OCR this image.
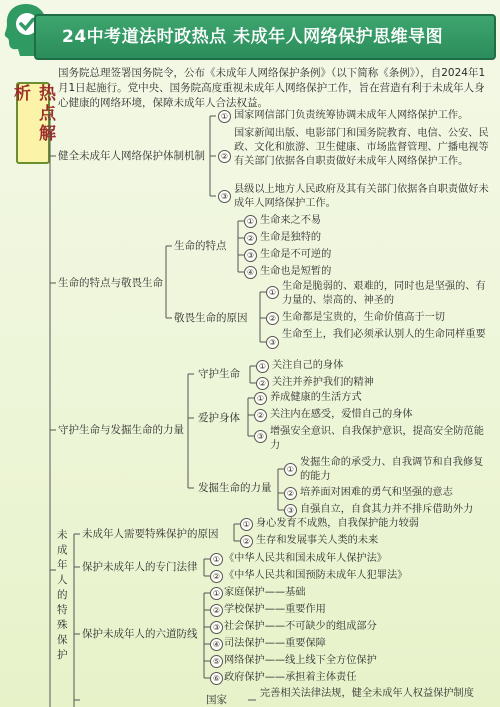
24中考道法时政热点 未成年人网络保护思维导图
热点解析
国务院总理签署国务院令，公布《未成年人网络保护条例》（以下简称《条例》），自2024年1月1日起施行。党中央、国务院高度重视未成年人网络保护工作，旨在营造有利于未成年人身心健康的网络环境，保障未成年人合法权益。
健全未成年人网络保护体制机制
① 国家网信部门负责统筹协调未成年人网络保护工作。
②
国家新闻出版、电影部门和国务院教育、电信、公安、民政、文化和旅游、卫生健康、市场监督管理、广播电视等有关部门依据各自职责做好未成年人网络保护工作。
③
县级以上地方人民政府及其有关部门依据各自职责做好未成年人网络保护工作。
生命的特点与敬畏生命
生命的特点
① 生命来之不易
② 生命是独特的
③ 生命是不可逆的
④ 生命也是短暂的
敬畏生命的原因
①
生命是脆弱的、艰难的，同时也是坚强的、有力量的、崇高的、神圣的
② 生命都是宝贵的，生命价值高于一切
③
生命至上，我们必须承认别人的生命同样重要
守护生命与发掘生命的力量
守护生命
① 关注自己的身体
② 关注并养护我们的精神
爱护身体
① 养成健康的生活方式
② 关注内在感受，爱惜自己的身体
③ 增强安全意识、自我保护意识，提高安全防范能力
发掘生命的力量
①
发掘生命的承受力、自我调节和自我修复的能力
② 培养面对困难的勇气和坚强的意志
③ 自强自立，自食其力并不排斥借助外力
未成年人的特殊保护
未成年人需要特殊保护的原因
① 身心发育不成熟，自我保护能力较弱
② 生存和发展事关人类的未来
保护未成年人的专门法律
① 《中华人民共和国未成年人保护法》
② 《中华人民共和国预防未成年人犯罪法》
保护未成年人的六道防线
① 家庭保护——基础
② 学校保护——重要作用
③ 社会保护——不可缺少的组成部分
④ 司法保护——重要保障
⑤ 网络保护——线上线下全方位保护
⑥ 政府保护——承担着主体责任
国家
完善相关法律法规，健全未成年人权益保护制度
